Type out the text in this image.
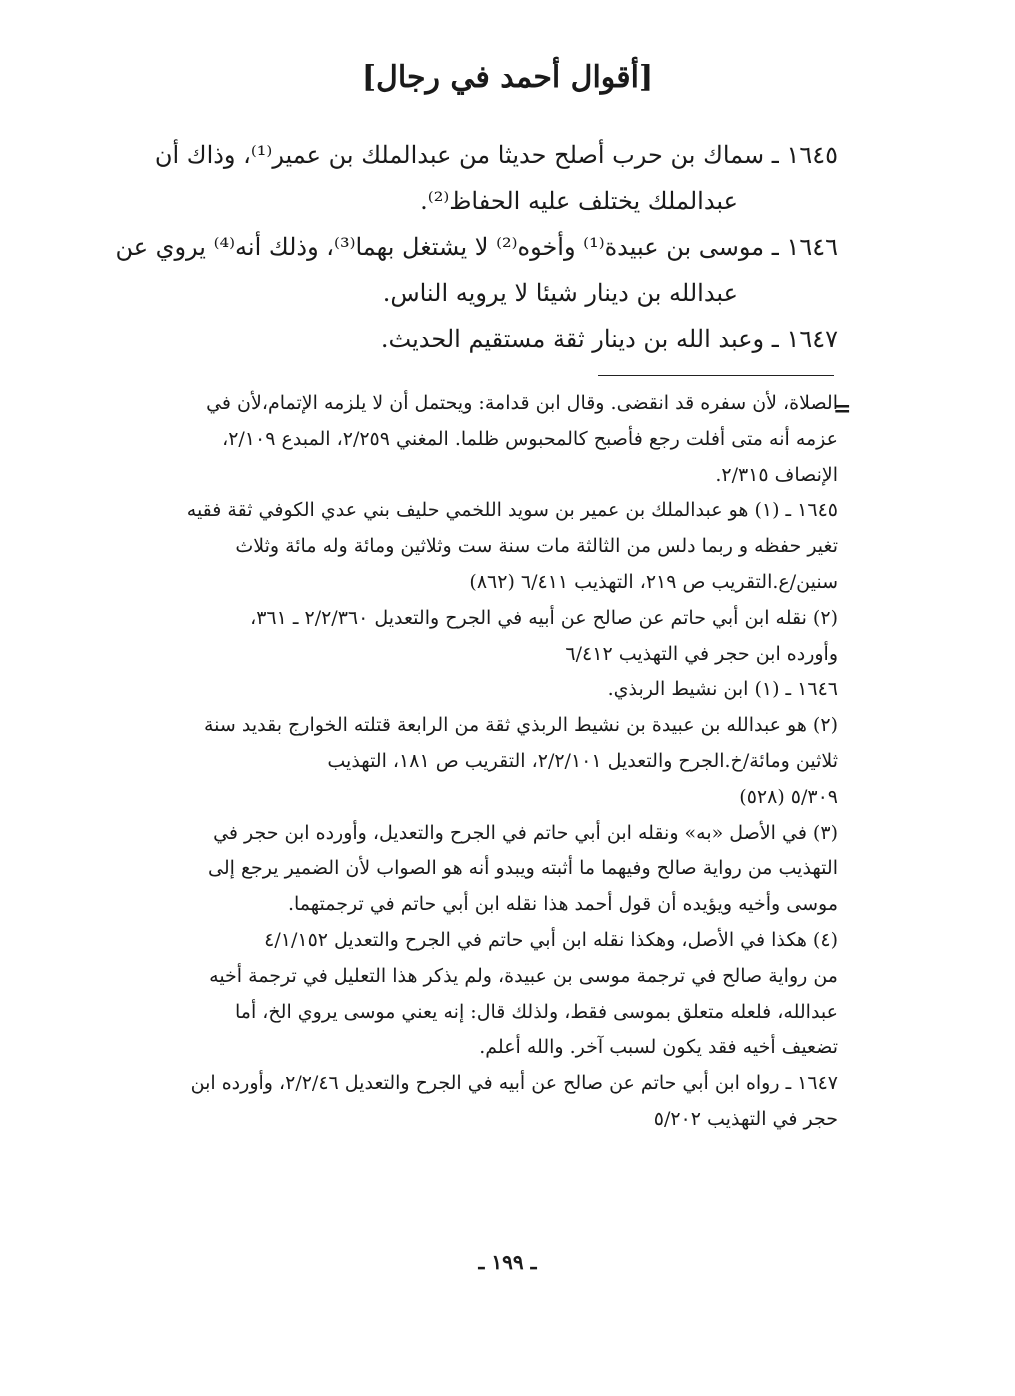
[أقوال أحمد في رجال]
١٦٤٥ ـ سماك بن حرب أصلح حديثا من عبدالملك بن عمير⁽¹⁾، وذاك أن
عبدالملك يختلف عليه الحفاظ⁽²⁾.
١٦٤٦ ـ موسى بن عبيدة⁽¹⁾ وأخوه⁽²⁾ لا يشتغل بهما⁽³⁾، وذلك أنه⁽⁴⁾ يروي عن
عبدالله بن دينار شيئا لا يرويه الناس.
١٦٤٧ ـ وعبد الله بن دينار ثقة مستقيم الحديث.
=
الصلاة، لأن سفره قد انقضى. وقال ابن قدامة: ويحتمل أن لا يلزمه الإتمام،لأن في
عزمه أنه متى أفلت رجع فأصبح كالمحبوس ظلما. المغني ٢/٢٥٩، المبدع ٢/١٠٩،
الإنصاف ٢/٣١٥.
١٦٤٥ ـ (١) هو عبدالملك بن عمير بن سويد اللخمي حليف بني عدي الكوفي ثقة فقيه
تغير حفظه و ربما دلس من الثالثة مات سنة ست وثلاثين ومائة وله مائة وثلاث
سنين/ع.التقريب ص ٢١٩، التهذيب ٦/٤١١ (٨٦٢)
(٢) نقله ابن أبي حاتم عن صالح عن أبيه في الجرح والتعديل ٢/٢/٣٦٠ ـ ٣٦١،
وأورده ابن حجر في التهذيب ٦/٤١٢
١٦٤٦ ـ (١) ابن نشيط الربذي.
(٢) هو عبدالله بن عبيدة بن نشيط الربذي ثقة من الرابعة قتلته الخوارج بقديد سنة
ثلاثين ومائة/خ.الجرح والتعديل ٢/٢/١٠١، التقريب ص ١٨١، التهذيب
٥/٣٠٩ (٥٢٨)
(٣) في الأصل «به» ونقله ابن أبي حاتم في الجرح والتعديل، وأورده ابن حجر في
التهذيب من رواية صالح وفيهما ما أثبته ويبدو أنه هو الصواب لأن الضمير يرجع إلى
موسى وأخيه ويؤيده أن قول أحمد هذا نقله ابن أبي حاتم في ترجمتهما.
(٤) هكذا في الأصل، وهكذا نقله ابن أبي حاتم في الجرح والتعديل ٤/١/١٥٢
من رواية صالح في ترجمة موسى بن عبيدة، ولم يذكر هذا التعليل في ترجمة أخيه
عبدالله، فلعله متعلق بموسى فقط، ولذلك قال: إنه يعني موسى يروي الخ، أما
تضعيف أخيه فقد يكون لسبب آخر. والله أعلم.
١٦٤٧ ـ رواه ابن أبي حاتم عن صالح عن أبيه في الجرح والتعديل ٢/٢/٤٦، وأورده ابن
حجر في التهذيب ٥/٢٠٢
ـ ١٩٩ ـ
